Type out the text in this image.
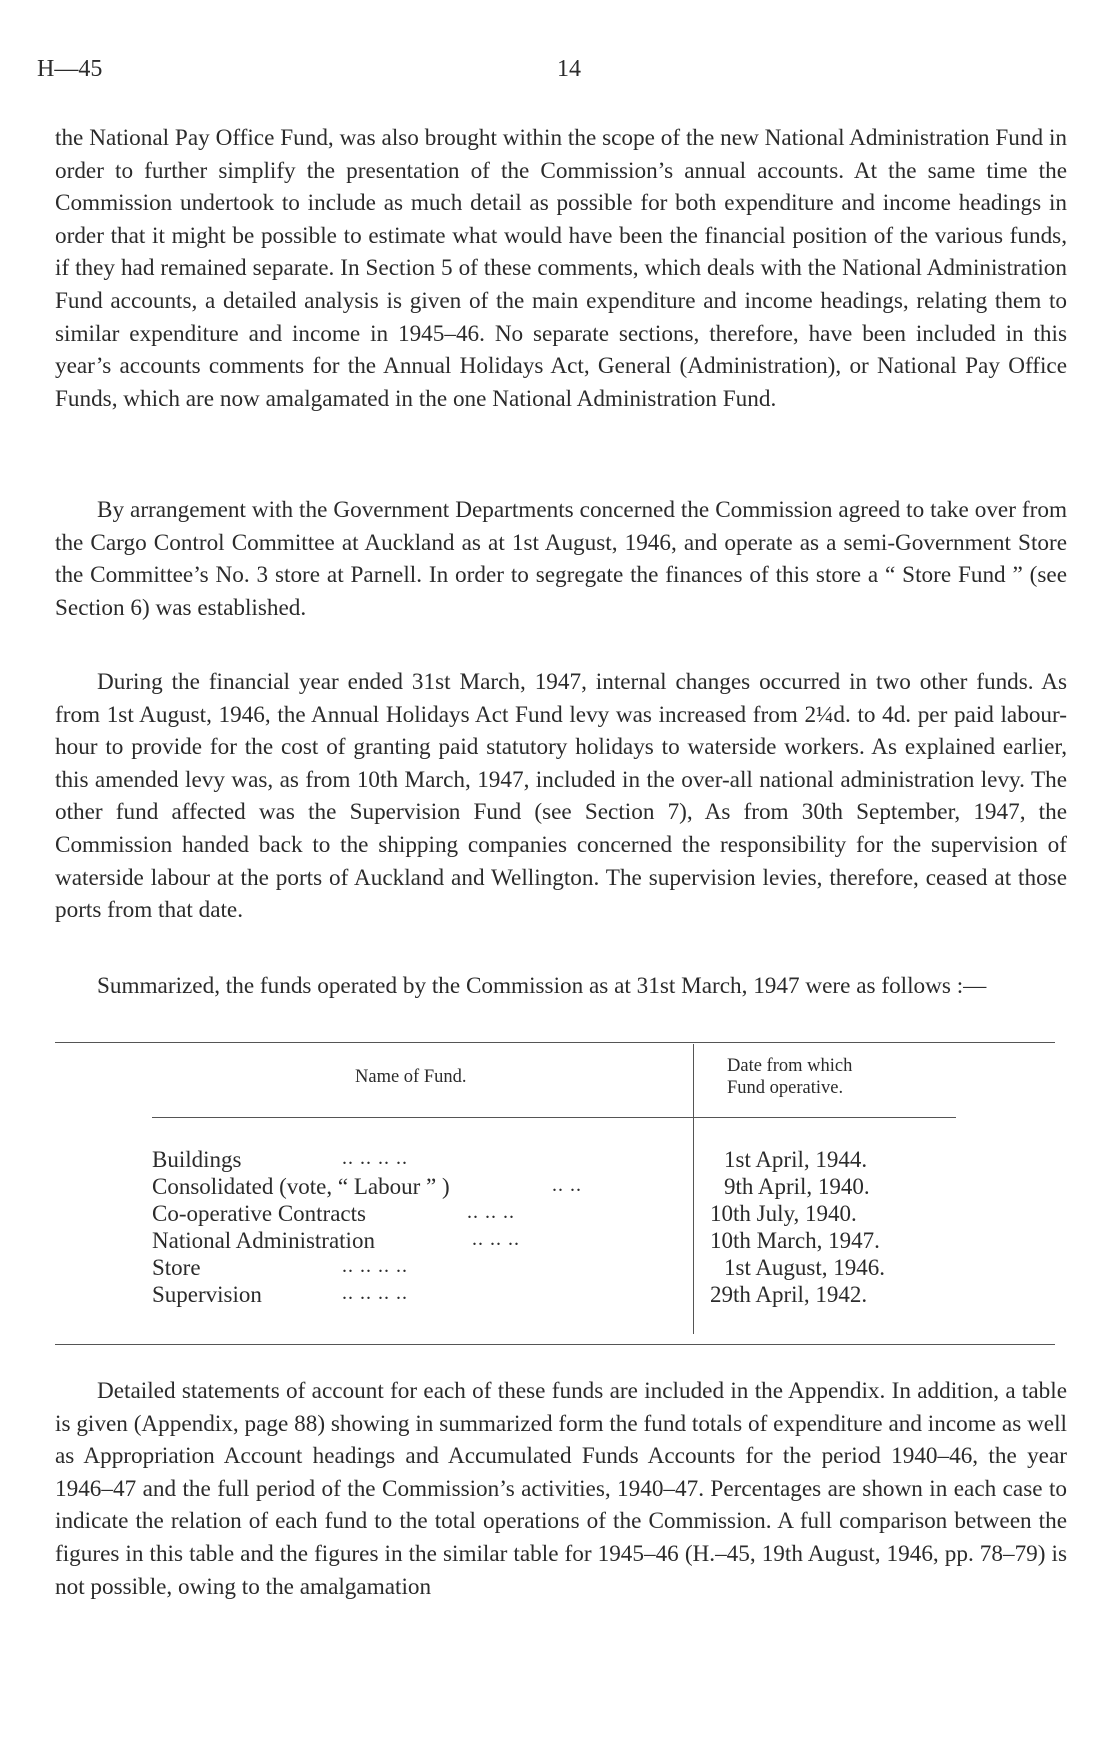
H—45	14

the National Pay Office Fund, was also brought within the scope of the new National Administration Fund in order to further simplify the presentation of the Commission’s annual accounts. At the same time the Commission undertook to include as much detail as possible for both expenditure and income headings in order that it might be possible to estimate what would have been the financial position of the various funds, if they had remained separate. In Section 5 of these comments, which deals with the National Administration Fund accounts, a detailed analysis is given of the main expenditure and income headings, relating them to similar expenditure and income in 1945–46. No separate sections, therefore, have been included in this year’s accounts comments for the Annual Holidays Act, General (Administration), or National Pay Office Funds, which are now amalgamated in the one National Administration Fund.

By arrangement with the Government Departments concerned the Commission agreed to take over from the Cargo Control Committee at Auckland as at 1st August, 1946, and operate as a semi-Government Store the Committee’s No. 3 store at Parnell. In order to segregate the finances of this store a “ Store Fund ” (see Section 6) was established.

During the financial year ended 31st March, 1947, internal changes occurred in two other funds. As from 1st August, 1946, the Annual Holidays Act Fund levy was increased from 2¼d. to 4d. per paid labour-hour to provide for the cost of granting paid statutory holidays to waterside workers. As explained earlier, this amended levy was, as from 10th March, 1947, included in the over-all national administration levy. The other fund affected was the Supervision Fund (see Section 7), As from 30th September, 1947, the Commission handed back to the shipping companies concerned the responsibility for the supervision of waterside labour at the ports of Auckland and Wellington. The supervision levies, therefore, ceased at those ports from that date.

Summarized, the funds operated by the Commission as at 31st March, 1947 were as follows :—

Name of Fund.
Date from which
Fund operative.
Buildings	.. .. .. ..	1st April, 1944.
Consolidated (vote, “ Labour ” )	.. ..	9th April, 1940.
Co-operative Contracts	.. .. ..	10th July, 1940.
National Administration	.. .. ..	10th March, 1947.
Store	.. .. .. ..	1st August, 1946.
Supervision	.. .. .. ..	29th April, 1942.

Detailed statements of account for each of these funds are included in the Appendix. In addition, a table is given (Appendix, page 88) showing in summarized form the fund totals of expenditure and income as well as Appropriation Account headings and Accumulated Funds Accounts for the period 1940–46, the year 1946–47 and the full period of the Commission’s activities, 1940–47. Percentages are shown in each case to indicate the relation of each fund to the total operations of the Commission. A full comparison between the figures in this table and the figures in the similar table for 1945–46 (H.–45, 19th August, 1946, pp. 78–79) is not possible, owing to the amalgamation
